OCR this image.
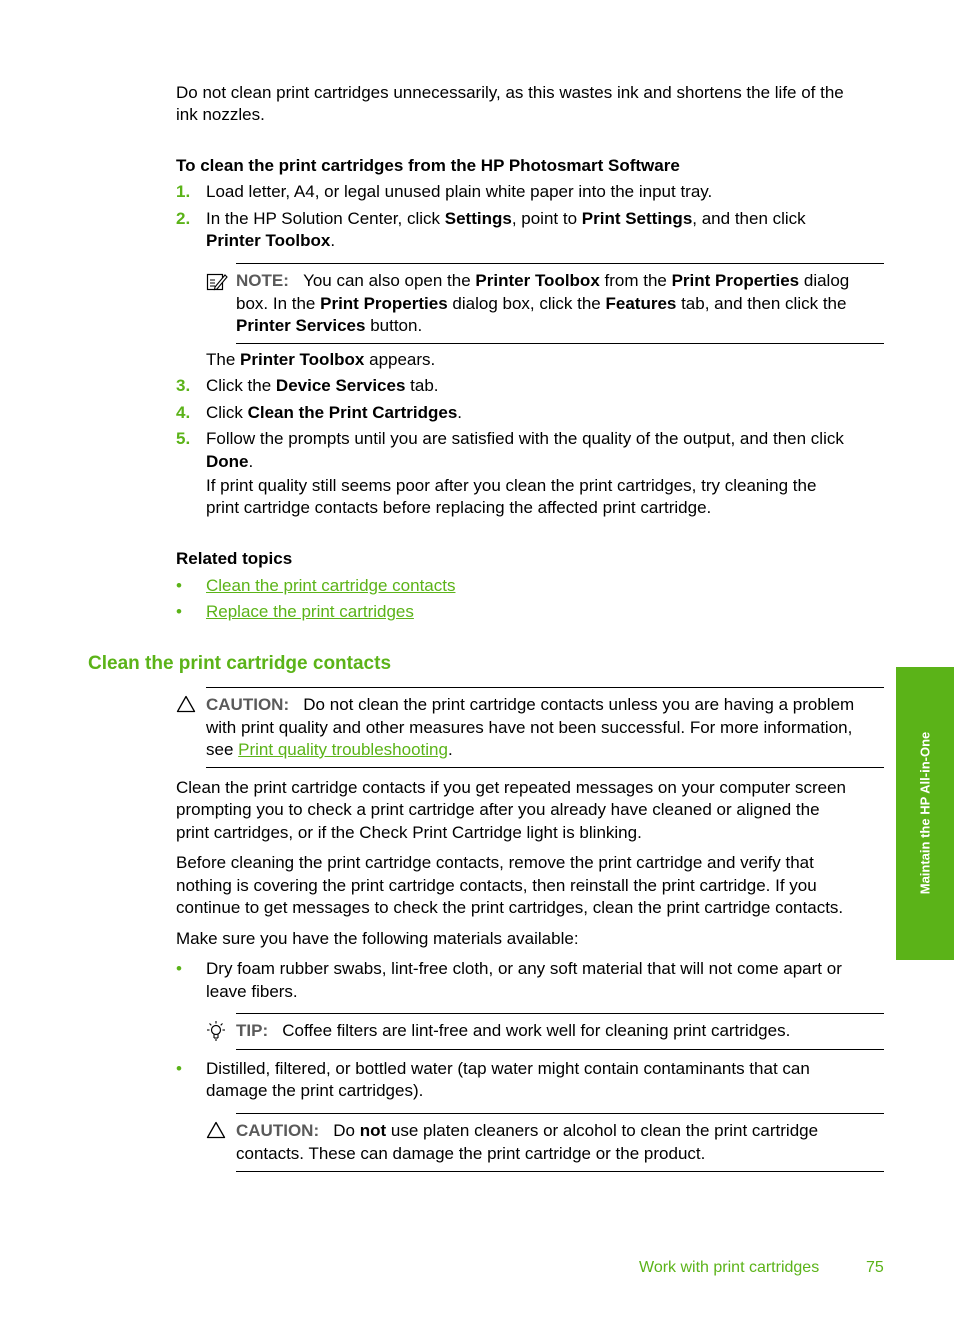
Do not clean print cartridges unnecessarily, as this wastes ink and shortens the life of the
ink nozzles.
To clean the print cartridges from the HP Photosmart Software
1. Load letter, A4, or legal unused plain white paper into the input tray.
2. In the HP Solution Center, click Settings, point to Print Settings, and then click
Printer Toolbox.
NOTE: You can also open the Printer Toolbox from the Print Properties dialog
box. In the Print Properties dialog box, click the Features tab, and then click the
Printer Services button.
The Printer Toolbox appears.
3. Click the Device Services tab.
4. Click Clean the Print Cartridges.
5. Follow the prompts until you are satisfied with the quality of the output, and then click
Done.
If print quality still seems poor after you clean the print cartridges, try cleaning the
print cartridge contacts before replacing the affected print cartridge.
Related topics
• Clean the print cartridge contacts
• Replace the print cartridges
Clean the print cartridge contacts
CAUTION: Do not clean the print cartridge contacts unless you are having a problem
with print quality and other measures have not been successful. For more information,
see Print quality troubleshooting.
Clean the print cartridge contacts if you get repeated messages on your computer screen
prompting you to check a print cartridge after you already have cleaned or aligned the
print cartridges, or if the Check Print Cartridge light is blinking.
Before cleaning the print cartridge contacts, remove the print cartridge and verify that
nothing is covering the print cartridge contacts, then reinstall the print cartridge. If you
continue to get messages to check the print cartridges, clean the print cartridge contacts.
Make sure you have the following materials available:
• Dry foam rubber swabs, lint-free cloth, or any soft material that will not come apart or
leave fibers.
TIP: Coffee filters are lint-free and work well for cleaning print cartridges.
• Distilled, filtered, or bottled water (tap water might contain contaminants that can
damage the print cartridges).
CAUTION: Do not use platen cleaners or alcohol to clean the print cartridge
contacts. These can damage the print cartridge or the product.
Maintain the HP All-in-One
Work with print cartridges	75
